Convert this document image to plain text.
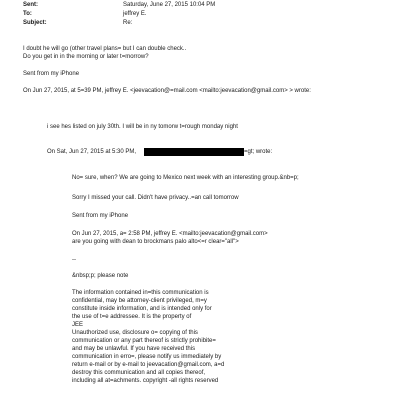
Sent:	Saturday, June 27, 2015 10:04 PM
To:	jeffrey E.
Subject:	Re:
I doubt he will go (other travel plans= but I can double check..
Do you get in in the morning or later t=morrow?
Sent from my iPhone
On Jun 27, 2015, at 5=39 PM, jeffrey E. <jeevacation@=mail.com <mailto:jeevacation@gmail.com> > wrote:
i see hes listed on july 30th. I will be in ny tomorw t=rough monday night
On Sat, Jun 27, 2015 at 5:30 PM,	=gt; wrote:
No= sure, when? We are going to Mexico next week with an interesting group.&nb=p;
Sorry I missed your call. Didn't have privacy..=an call tomorrow
Sent from my iPhone
On Jun 27, 2015, a= 2:58 PM, jeffrey E. <mailto:jeevacation@gmail.com>
are you going with dean to brockmans palo alto<=r clear="all">
--
&nbsp;p; please note
The information contained in=this communication is
confidential, may be attorney-client privileged, m=y
constitute inside information, and is intended only for
the use of t=e addressee. It is the property of
JEE
Unauthorized use, disclosure o= copying of this
communication or any part thereof is strictly prohibite=
and may be unlawful. If you have received this
communication in erro=, please notify us immediately by
return e-mail or by e-mail to jeevacation@gmail.com, a=d
destroy this communication and all copies thereof,
including all at=achments. copyright -all rights reserved
